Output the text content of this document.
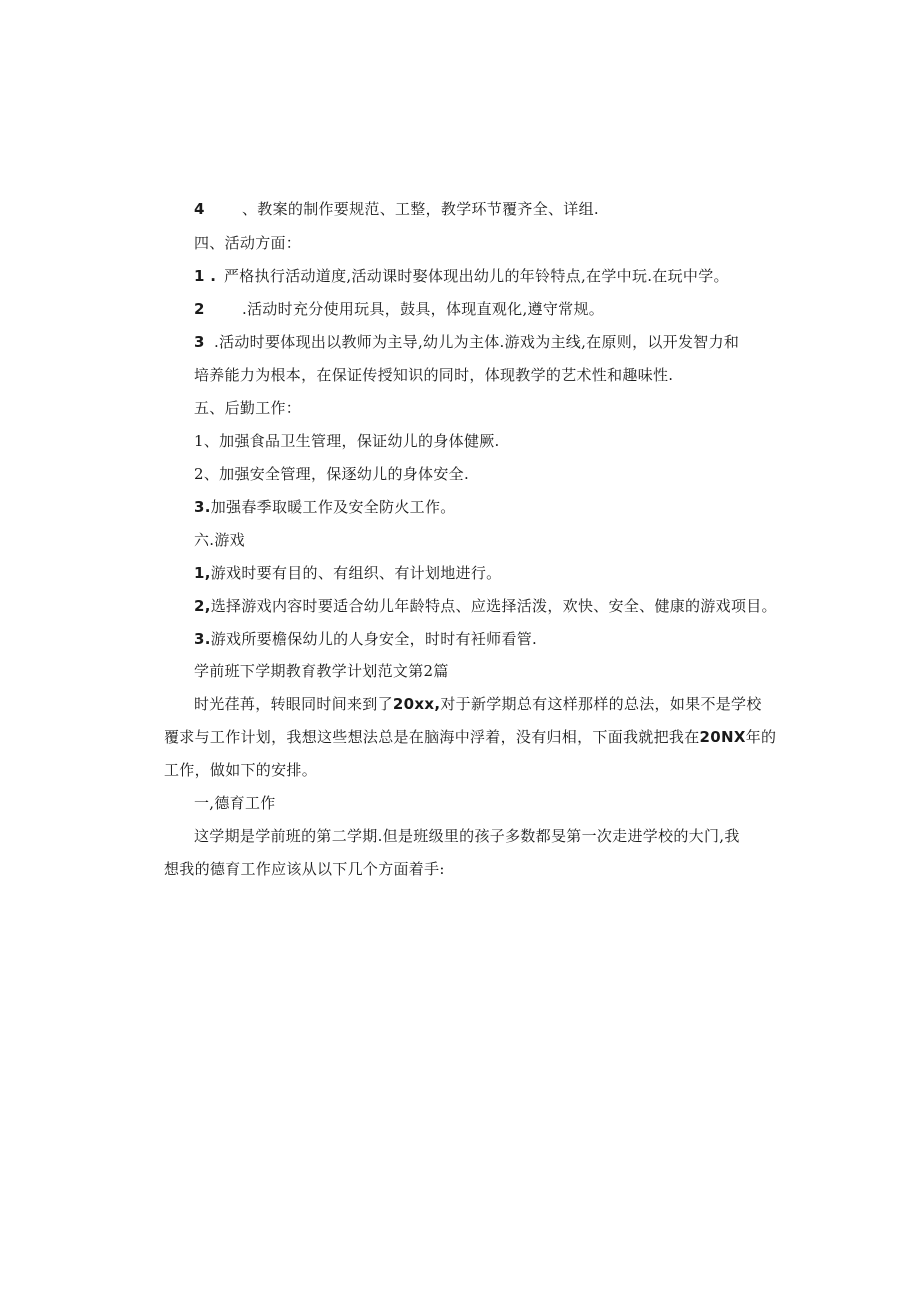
4 、教案的制作要规范、工整，教学环节覆齐全、详组.
四、活动方面：
1 . 严格执行活动道度,活动课时娶体现出幼儿的年铃特点,在学中玩.在玩中学。
2 .活动时充分使用玩具，鼓具，体现直观化,遵守常规。
3 .活动时要体现出以教师为主导,幼儿为主体.游戏为主线,在原则，以开发智力和
培养能力为根本，在保证传授知识的同时，体现教学的艺术性和趣味性.
五、后勤工作：
1、加强食品卫生管理，保证幼儿的身体健厥.
2、加强安全管理，保逐幼儿的身体安全.
3.加强春季取暖工作及安全防火工作。
六.游戏
1,游戏时要有目的、有组织、有计划地进行。
2,选择游戏内容时要适合幼儿年龄特点、应选择活泼，欢快、安全、健康的游戏项目。
3.游戏所要檐保幼儿的人身安全，时时有衽师看管.
学前班下学期教育教学计划范文第2篇
时光荏苒，转眼同时间来到了20xx,对于新学期总有这样那样的总法，如果不是学校
覆求与工作计划，我想这些想法总是在脑海中浮着，没有归相，下面我就把我在20NX年的
工作，做如下的安排。
一,德育工作
这学期是学前班的第二学期.但是班级里的孩子多数都旻第一次走进学校的大门,我
想我的德育工作应该从以下几个方面着手:
